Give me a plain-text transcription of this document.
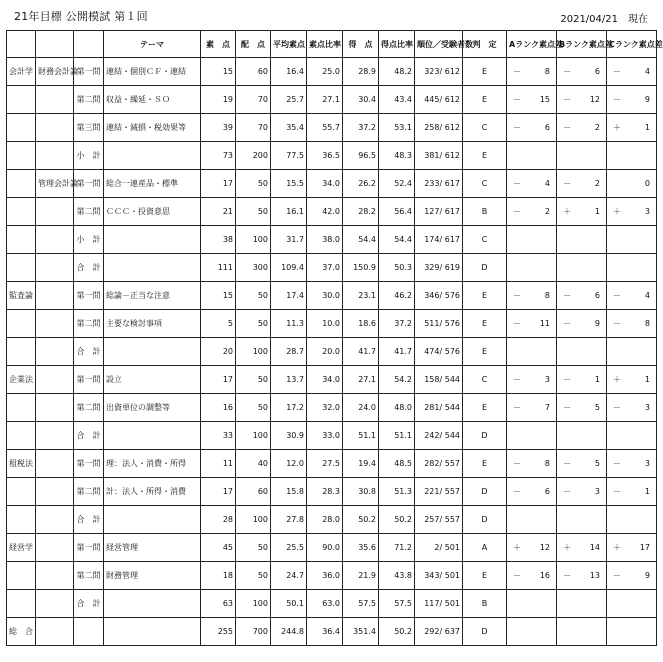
21年目標 公開模試 第１回	2021/04/21　現在
			テーマ	素　点	配　点	平均素点	素点比率	得　点	得点比率	順位／受験者数	判　定	Aランク素点差	Bランク素点差	Cランク素点差
会計学	財務会計論	第一問	連結・個別ＣＦ・連結	15	60	16.4	25.0	28.9	48.2	323/ 612	E	－ 8	－ 6	－ 4

		第二問	収益・繰延・ＳＯ	19	70	25.7	27.1	30.4	43.4	445/ 612	E	－ 15	－ 12	－ 9

		第三問	連結・減損・税効果等	39	70	35.4	55.7	37.2	53.1	258/ 612	C	－ 6	－ 2	＋ 1

		小　計		73	200	77.5	36.5	96.5	48.3	381/ 612	E	

	管理会計論	第一問	総合一連産品・標準	17	50	15.5	34.0	26.2	52.4	233/ 617	C	－ 4	－ 2	0

		第二問	ＣＣＣ・投資意思	21	50	16.1	42.0	28.2	56.4	127/ 617	B	－ 2	＋ 1	＋ 3

		小　計		38	100	31.7	38.0	54.4	54.4	174/ 617	C	

		合　計		111	300	109.4	37.0	150.9	50.3	329/ 619	D	

監査論		第一問	総論－正当な注意	15	50	17.4	30.0	23.1	46.2	346/ 576	E	－ 8	－ 6	－ 4

		第二問	主要な検討事項	5	50	11.3	10.0	18.6	37.2	511/ 576	E	－ 11	－ 9	－ 8

		合　計		20	100	28.7	20.0	41.7	41.7	474/ 576	E	

企業法		第一問	設立	17	50	13.7	34.0	27.1	54.2	158/ 544	C	－ 3	－ 1	＋ 1

		第二問	出資単位の調整等	16	50	17.2	32.0	24.0	48.0	281/ 544	E	－ 7	－ 5	－ 3

		合　計		33	100	30.9	33.0	51.1	51.1	242/ 544	D	

租税法		第一問	理：法人・消費・所得	11	40	12.0	27.5	19.4	48.5	282/ 557	E	－ 8	－ 5	－ 3

		第二問	計：法人・所得・消費	17	60	15.8	28.3	30.8	51.3	221/ 557	D	－ 6	－ 3	－ 1

		合　計		28	100	27.8	28.0	50.2	50.2	257/ 557	D	

経営学		第一問	経営管理	45	50	25.5	90.0	35.6	71.2	2/ 501	A	＋ 12	＋ 14	＋ 17

		第二問	財務管理	18	50	24.7	36.0	21.9	43.8	343/ 501	E	－ 16	－ 13	－ 9

		合　計		63	100	50.1	63.0	57.5	57.5	117/ 501	B	

総　合				255	700	244.8	36.4	351.4	50.2	292/ 637	D	
